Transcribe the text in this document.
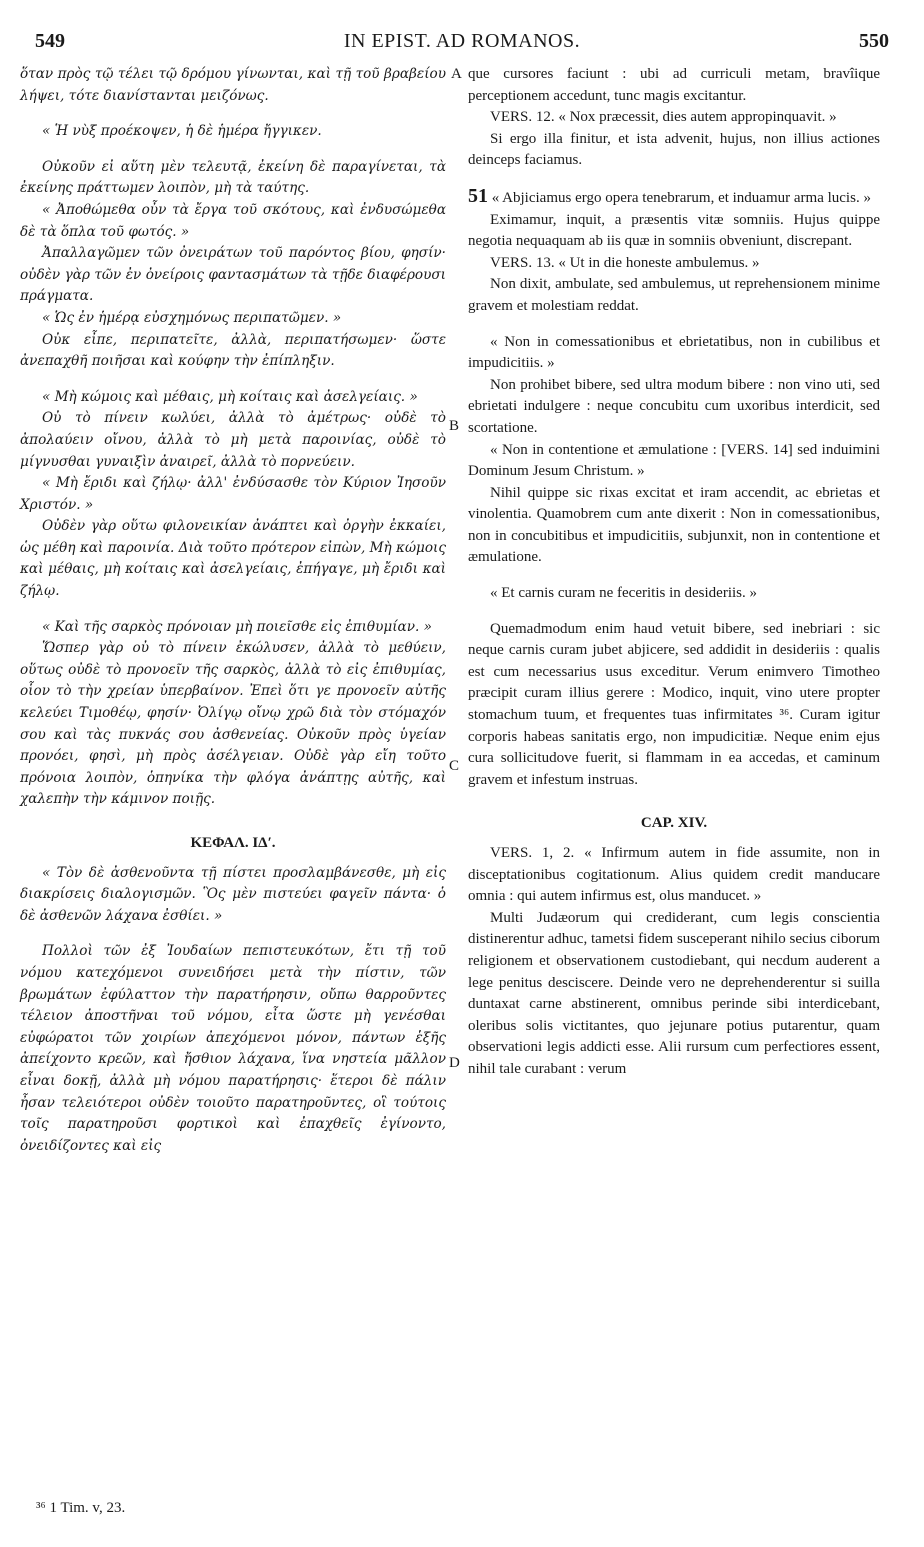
549	IN EPIST. AD ROMANOS.	550
A
B
C
D

ὅταν πρὸς τῷ τέλει τῷ δρόμου γίνωνται, καὶ τῇ τοῦ βραβείου λήψει, τότε διανίστανται μειζόνως.

« Ἡ νὺξ προέκοψεν, ἡ δὲ ἡμέρα ἤγγικεν.

Οὐκοῦν εἰ αὕτη μὲν τελευτᾷ, ἐκείνη δὲ παραγίνεται, τὰ ἐκείνης πράττωμεν λοιπὸν, μὴ τὰ ταύτης.

« Ἀποθώμεθα οὖν τὰ ἔργα τοῦ σκότους, καὶ ἐνδυσώμεθα δὲ τὰ ὅπλα τοῦ φωτός. »

Ἀπαλλαγῶμεν τῶν ὀνειράτων τοῦ παρόντος βίου, φησίν· οὐδὲν γὰρ τῶν ἐν ὀνείροις φαντασμάτων τὰ τῇδε διαφέρουσι πράγματα.

« Ὡς ἐν ἡμέρᾳ εὐσχημόνως περιπατῶμεν. »

Οὐκ εἶπε, περιπατεῖτε, ἀλλὰ, περιπατήσωμεν· ὥστε ἀνεπαχθῆ ποιῆσαι καὶ κούφην τὴν ἐπίπληξιν.

« Μὴ κώμοις καὶ μέθαις, μὴ κοίταις καὶ ἀσελγείαις. »

Οὐ τὸ πίνειν κωλύει, ἀλλὰ τὸ ἀμέτρως· οὐδὲ τὸ ἀπολαύειν οἴνου, ἀλλὰ τὸ μὴ μετὰ παροινίας, οὐδὲ τὸ μίγνυσθαι γυναιξὶν ἀναιρεῖ, ἀλλὰ τὸ πορνεύειν.

« Μὴ ἔριδι καὶ ζήλῳ· ἀλλ' ἐνδύσασθε τὸν Κύριον Ἰησοῦν Χριστόν. »

Οὐδὲν γὰρ οὕτω φιλονεικίαν ἀνάπτει καὶ ὀργὴν ἐκκαίει, ὡς μέθη καὶ παροινία. Διὰ τοῦτο πρότερον εἰπὼν, Μὴ κώμοις καὶ μέθαις, μὴ κοίταις καὶ ἀσελγείαις, ἐπήγαγε, μὴ ἔριδι καὶ ζήλῳ.

« Καὶ τῆς σαρκὸς πρόνοιαν μὴ ποιεῖσθε εἰς ἐπιθυμίαν. »

Ὥσπερ γὰρ οὐ τὸ πίνειν ἐκώλυσεν, ἀλλὰ τὸ μεθύειν, οὕτως οὐδὲ τὸ προνοεῖν τῆς σαρκὸς, ἀλλὰ τὸ εἰς ἐπιθυμίας, οἷον τὸ τὴν χρείαν ὑπερβαίνον. Ἐπεὶ ὅτι γε προνοεῖν αὐτῆς κελεύει Τιμοθέῳ, φησίν· Ὀλίγῳ οἴνῳ χρῶ διὰ τὸν στόμαχόν σου καὶ τὰς πυκνάς σου ἀσθενείας. Οὐκοῦν πρὸς ὑγείαν προνόει, φησὶ, μὴ πρὸς ἀσέλγειαν. Οὐδὲ γὰρ εἴη τοῦτο πρόνοια λοιπὸν, ὁπηνίκα τὴν φλόγα ἀνάπτῃς αὐτῆς, καὶ χαλεπὴν τὴν κάμινον ποιῇς.

ΚΕΦΑΛ. ΙΔʹ.

« Τὸν δὲ ἀσθενοῦντα τῇ πίστει προσλαμβάνεσθε, μὴ εἰς διακρίσεις διαλογισμῶν. Ὃς μὲν πιστεύει φαγεῖν πάντα· ὁ δὲ ἀσθενῶν λάχανα ἐσθίει. »

Πολλοὶ τῶν ἐξ Ἰουδαίων πεπιστευκότων, ἔτι τῇ τοῦ νόμου κατεχόμενοι συνειδήσει μετὰ τὴν πίστιν, τῶν βρωμάτων ἐφύλαττον τὴν παρατήρησιν, οὔπω θαρροῦντες τέλειον ἀποστῆναι τοῦ νόμου, εἶτα ὥστε μὴ γενέσθαι εὐφώρατοι τῶν χοιρίων ἀπεχόμενοι μόνον, πάντων ἑξῆς ἀπείχοντο κρεῶν, καὶ ἤσθιον λάχανα, ἵνα νηστεία μᾶλλον εἶναι δοκῇ, ἀλλὰ μὴ νόμου παρατήρησις· ἕτεροι δὲ πάλιν ἦσαν τελειότεροι οὐδὲν τοιοῦτο παρατηροῦντες, οἳ τούτοις τοῖς παρατηροῦσι φορτικοὶ καὶ ἐπαχθεῖς ἐγίνοντο, ὀνειδίζοντες καὶ εἰς

que cursores faciunt : ubi ad curriculi metam, bravîique perceptionem accedunt, tunc magis excitantur.

VERS. 12. « Nox præcessit, dies autem appropinquavit. »

Si ergo illa finitur, et ista advenit, hujus, non illius actiones deinceps faciamus.

51 « Abjiciamus ergo opera tenebrarum, et induamur arma lucis. »

Eximamur, inquit, a præsentis vitæ somniis. Hujus quippe negotia nequaquam ab iis quæ in somniis obveniunt, discrepant.

VERS. 13. « Ut in die honeste ambulemus. »

Non dixit, ambulate, sed ambulemus, ut reprehensionem minime gravem et molestiam reddat.

« Non in comessationibus et ebrietatibus, non in cubilibus et impudicitiis. »

Non prohibet bibere, sed ultra modum bibere : non vino uti, sed ebrietati indulgere : neque concubitu cum uxoribus interdicit, sed scortatione.

« Non in contentione et æmulatione : [VERS. 14] sed induimini Dominum Jesum Christum. »

Nihil quippe sic rixas excitat et iram accendit, ac ebrietas et vinolentia. Quamobrem cum ante dixerit : Non in comessationibus, non in concubitibus et impudicitiis, subjunxit, non in contentione et æmulatione.

« Et carnis curam ne feceritis in desideriis. »

Quemadmodum enim haud vetuit bibere, sed inebriari : sic neque carnis curam jubet abjicere, sed addidit in desideriis : qualis est cum necessarius usus exceditur. Verum enimvero Timotheo præcipit curam illius gerere : Modico, inquit, vino utere propter stomachum tuum, et frequentes tuas infirmitates ³⁶. Curam igitur corporis habeas sanitatis ergo, non impudicitiæ. Neque enim ejus cura sollicitudove fuerit, si flammam in ea accedas, et caminum gravem et infestum instruas.

CAP. XIV.

VERS. 1, 2. « Infirmum autem in fide assumite, non in disceptationibus cogitationum. Alius quidem credit manducare omnia : qui autem infirmus est, olus manducet. »

Multi Judæorum qui crediderant, cum legis conscientia distinerentur adhuc, tametsi fidem susceperant nihilo secius ciborum religionem et observationem custodiebant, qui necdum auderent a lege penitus desciscere. Deinde vero ne deprehenderentur si suilla duntaxat carne abstinerent, omnibus perinde sibi interdicebant, oleribus solis victitantes, quo jejunare potius putarentur, quam observationi legis addicti esse. Alii rursum cum perfectiores essent, nihil tale curabant : verum

³⁶ 1 Tim. v, 23.
